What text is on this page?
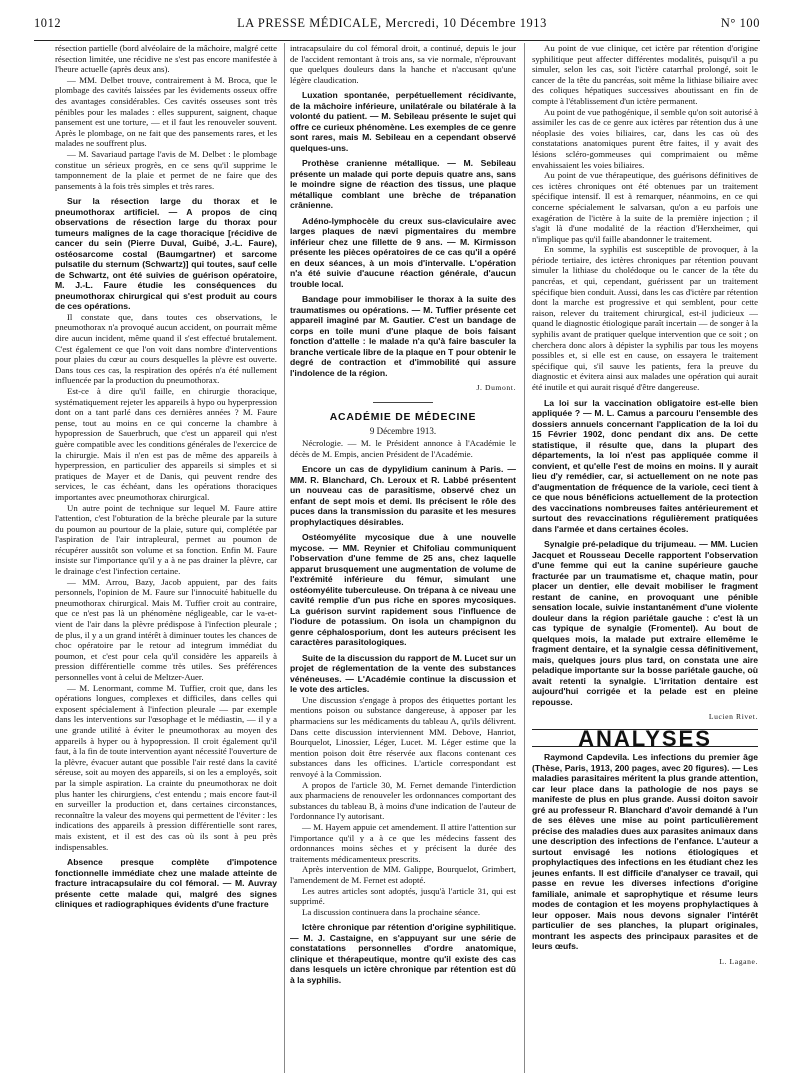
1012	LA PRESSE MÉDICALE, Mercredi, 10 Décembre 1913	N° 100

résection partielle (bord alvéolaire de la mâchoire, malgré cette résection limitée, une récidive ne s'est pas encore manifestée à l'heure actuelle (après deux ans).

— MM. Delbet trouve, contrairement à M. Broca, que le plombage des cavités laissées par les évidements osseux offre des avantages considérables. Ces cavités osseuses sont très pénibles pour les malades : elles suppurent, saignent, chaque pansement est une torture, — et il faut les renouveler souvent. Après le plombage, on ne fait que des pansements rares, et les malades ne souffrent plus.

— M. Savariaud partage l'avis de M. Delbet : le plombage constitue un sérieux progrès, en ce sens qu'il supprime le tamponnement de la plaie et permet de ne faire que des pansements à la fois très simples et très rares.

Sur la résection large du thorax et le pneumothorax artificiel. — A propos de cinq observations de résection large du thorax pour tumeurs malignes de la cage thoracique [récidive de cancer du sein (Pierre Duval, Guibé, J.-L. Faure), ostéosarcome costal (Baumgartner) et sarcome pulsatile du sternum (Schwartz)] qui toutes, sauf celle de Schwartz, ont été suivies de guérison opératoire, M. J.-L. Faure étudie les conséquences du pneumothorax chirurgical qui s'est produit au cours de ces opérations.

Il constate que, dans toutes ces observations, le pneumothorax n'a provoqué aucun accident, on pourrait même dire aucun incident, même quand il s'est effectué brutalement. C'est également ce que l'on voit dans nombre d'interventions pour plaies du cœur au cours desquelles la plèvre est ouverte. Dans tous ces cas, la respiration des opérés n'a été nullement influencée par la production du pneumothorax.

Est-ce à dire qu'il faille, en chirurgie thoracique, systématiquement rejeter les appareils à hypo ou hyperpression dont on a tant parlé dans ces dernières années ? M. Faure pense, tout au moins en ce qui concerne la chambre à hypopression de Sauerbruch, que c'est un appareil qui n'est guère compatible avec les conditions générales de l'exercice de la chirurgie. Mais il n'en est pas de même des appareils à hyperpression, en particulier des appareils si simples et si pratiques de Mayer et de Danis, qui peuvent rendre des services, le cas échéant, dans les opérations thoraciques importantes avec pneumothorax chirurgical.

Un autre point de technique sur lequel M. Faure attire l'attention, c'est l'obturation de la brèche pleurale par la suture du poumon au pourtour de la plaie, suture qui, complétée par l'aspiration de l'air intrapleural, permet au poumon de récupérer aussitôt son volume et sa fonction. Enfin M. Faure insiste sur l'importance qu'il y a à ne pas drainer la plèvre, car le drainage c'est l'infection certaine.

— MM. Arrou, Bazy, Jacob appuient, par des faits personnels, l'opinion de M. Faure sur l'innocuité habituelle du pneumothorax chirurgical. Mais M. Tuffier croit au contraire, que ce n'est pas là un phénomène négligeable, car le va-et-vient de l'air dans la plèvre prédispose à l'infection pleurale ; de plus, il y a un grand intérêt à diminuer toutes les chances de choc opératoire par le retour ad integrum immédiat du poumon, et c'est pour cela qu'il considère les appareils à pression différentielle comme très utiles. Ses préférences personnelles vont à celui de Meltzer-Auer.

— M. Lenormant, comme M. Tuffier, croit que, dans les opérations longues, complexes et difficiles, dans celles qui exposent spécialement à l'infection pleurale — par exemple dans les interventions sur l'œsophage et le médiastin, — il y a une grande utilité à éviter le pneumothorax au moyen des appareils à hyper ou à hypopression. Il croit également qu'il faut, à la fin de toute intervention ayant nécessité l'ouverture de la plèvre, évacuer autant que possible l'air resté dans la cavité séreuse, soit au moyen des appareils, si on les a employés, soit par la simple aspiration. La crainte du pneumothorax ne doit plus hanter les chirurgiens, c'est entendu ; mais encore faut-il en surveiller la production et, dans certaines circonstances, reconnaître la valeur des moyens qui permettent de l'éviter : les indications des appareils à pression différentielle sont rares, mais existent, et il est des cas où ils sont à peu près indispensables.

Absence presque complète d'impotence fonctionnelle immédiate chez une malade atteinte de fracture intracapsulaire du col fémoral. — M. Auvray présente cette malade qui, malgré des signes cliniques et radiographiques évidents d'une fracture

intracapsulaire du col fémoral droit, a continué, depuis le jour de l'accident remontant à trois ans, sa vie normale, n'éprouvant que quelques douleurs dans la hanche et n'accusant qu'une légère claudication.

Luxation spontanée, perpétuellement récidivante, de la mâchoire inférieure, unilatérale ou bilatérale à la volonté du patient. — M. Sebileau présente le sujet qui offre ce curieux phénomène. Les exemples de ce genre sont rares, mais M. Sebileau en a cependant observé quelques-uns.

Prothèse cranienne métallique. — M. Sebileau présente un malade qui porte depuis quatre ans, sans le moindre signe de réaction des tissus, une plaque métallique comblant une brèche de trépanation crânienne.

Adéno-lymphocèle du creux sus-claviculaire avec larges plaques de nævi pigmentaires du membre inférieur chez une fillette de 9 ans. — M. Kirmisson présente les pièces opératoires de ce cas qu'il a opéré en deux séances, à un mois d'intervalle. L'opération n'a été suivie d'aucune réaction générale, d'aucun trouble local.

Bandage pour immobiliser le thorax à la suite des traumatismes ou opérations. — M. Tuffier présente cet appareil imaginé par M. Gautier. C'est un bandage de corps en toile muni d'une plaque de bois faisant fonction d'attelle : le malade n'a qu'à faire basculer la branche verticale libre de la plaque en T pour obtenir le degré de contraction et d'immobilité qui assure l'indolence de la région.

J. Dumont.

ACADÉMIE DE MÉDECINE
9 Décembre 1913.

Nécrologie. — M. le Président annonce à l'Académie le décès de M. Empis, ancien Président de l'Académie.

Encore un cas de dypylidium caninum à Paris. — MM. R. Blanchard, Ch. Leroux et R. Labbé présentent un nouveau cas de parasitisme, observé chez un enfant de sept mois et demi. Ils précisent le rôle des puces dans la transmission du parasite et les mesures prophylactiques désirables.

Ostéomyélite mycosique due à une nouvelle mycose. — MM. Reynier et Chifoliau communiquent l'observation d'une femme de 25 ans, chez laquelle apparut brusquement une augmentation de volume de l'extrémité inférieure du fémur, simulant une ostéomyélite tuberculeuse. On trépana à ce niveau une cavité remplie d'un pus riche en spores mycosiques. La guérison survint rapidement sous l'influence de l'iodure de potassium. On isola un champignon du genre céphalosporium, dont les auteurs précisent les caractères parasitologiques.

Suite de la discussion du rapport de M. Lucet sur un projet de réglementation de la vente des substances vénéneuses. — L'Académie continue la discussion et le vote des articles.

Une discussion s'engage à propos des étiquettes portant les mentions poison ou substance dangereuse, à apposer par les pharmaciens sur les médicaments du tableau A, qu'ils délivrent. Dans cette discussion interviennent MM. Debove, Hanriot, Bourquelot, Linossier, Léger, Lucet. M. Léger estime que la mention poison doit être réservée aux flacons contenant ces substances dans les officines. L'article correspondant est renvoyé à la Commission.

A propos de l'article 30, M. Fernet demande l'interdiction aux pharmaciens de renouveler les ordonnances comportant des substances du tableau B, à moins d'une indication de l'auteur de l'ordonnance l'y autorisant.

— M. Hayem appuie cet amendement. Il attire l'attention sur l'importance qu'il y a à ce que les médecins fassent des ordonnances moins sèches et y précisent la durée des traitements médicamenteux prescrits.

Après intervention de MM. Galippe, Bourquelot, Grimbert, l'amendement de M. Fernet est adopté.

Les autres articles sont adoptés, jusqu'à l'article 31, qui est supprimé.

La discussion continuera dans la prochaine séance.

Ictère chronique par rétention d'origine syphilitique. — M. J. Castaigne, en s'appuyant sur une série de constatations personnelles d'ordre anatomique, clinique et thérapeutique, montre qu'il existe des cas dans lesquels un ictère chronique par rétention est dû à la syphilis.

Au point de vue clinique, cet ictère par rétention d'origine syphilitique peut affecter différentes modalités, puisqu'il a pu simuler, selon les cas, soit l'ictère catarrhal prolongé, soit le cancer de la tête du pancréas, soit même la lithiase biliaire avec des coliques hépatiques successives aboutissant en fin de compte à l'établissement d'un ictère permanent.

Au point de vue pathogénique, il semble qu'on soit autorisé à assimiler les cas de ce genre aux ictères par rétention dus à une néoplasie des voies biliaires, car, dans les cas où des constatations anatomiques purent être faites, il y avait des lésions scléro-gommeuses qui comprimaient ou même envahissaient les voies biliaires.

Au point de vue thérapeutique, des guérisons définitives de ces ictères chroniques ont été obtenues par un traitement spécifique intensif. Il est à remarquer, néanmoins, en ce qui concerne spécialement le salvarsan, qu'on a eu parfois une exagération de l'ictère à la suite de la première injection ; il s'agit là d'une modalité de la réaction d'Herxheimer, qui n'implique pas qu'il faille abandonner le traitement.

En somme, la syphilis est susceptible de provoquer, à la période tertiaire, des ictères chroniques par rétention pouvant simuler la lithiase du cholédoque ou le cancer de la tête du pancréas, et qui, cependant, guérissent par un traitement spécifique bien conduit. Aussi, dans les cas d'ictère par rétention dont la marche est progressive et qui semblent, pour cette raison, relever du traitement chirurgical, est-il judicieux — quand le diagnostic étiologique paraît incertain — de songer à la syphilis avant de pratiquer quelque intervention que ce soit ; on cherchera donc alors à dépister la syphilis par tous les moyens possibles et, si elle est en cause, on essayera le traitement spécifique qui, s'il sauve les patients, fera la preuve du diagnostic et évitera ainsi aux malades une opération qui aurait été inutile et qui aurait risqué d'être dangereuse.

La loi sur la vaccination obligatoire est-elle bien appliquée ? — M. L. Camus a parcouru l'ensemble des dossiers annuels concernant l'application de la loi du 15 Février 1902, donc pendant dix ans. De cette statistique, il résulte que, dans la plupart des départements, la loi n'est pas appliquée comme il convient, et qu'elle l'est de moins en moins. Il y aurait lieu d'y remédier, car, si actuellement on ne note pas d'augmentation de fréquence de la variole, ceci tient à ce que nous bénéficions actuellement de la protection des vaccinations nombreuses faites antérieurement et surtout des revaccinations régulièrement pratiquées dans l'armée et dans certaines écoles.

Synalgie pré-peladique du trijumeau. — MM. Lucien Jacquet et Rousseau Decelle rapportent l'observation d'une femme qui eut la canine supérieure gauche fracturée par un traumatisme et, chaque matin, pour placer un dentier, elle devait mobiliser le fragment restant de canine, en provoquant une pénible sensation locale, suivie instantanément d'une violente douleur dans la région pariétale gauche : c'est là un cas typique de synalgie (Fromentel). Au bout de quelques mois, la malade put extraire ellemême le fragment dentaire, et la synalgie cessa définitivement, mais, quelques jours plus tard, on constata une aire peladique importante sur la bosse pariétale gauche, où avait retenti la synalgie. L'irritation dentaire est aujourd'hui corrigée et la pelade est en pleine repousse.

Lucien Rivet.

ANALYSES

Raymond Capdevila. Les infections du premier âge (Thèse, Paris, 1913, 200 pages, avec 20 figures). — Les maladies parasitaires méritent la plus grande attention, car leur place dans la pathologie de nos pays se manifeste de plus en plus grande. Aussi doiton savoir gré au professeur R. Blanchard d'avoir demandé à l'un de ses élèves une mise au point particulièrement précise des maladies dues aux parasites animaux dans une description des infections de l'enfance. L'auteur a surtout envisagé les notions étiologiques et prophylactiques des infections en les étudiant chez les jeunes enfants. Il est difficile d'analyser ce travail, qui passe en revue les diverses infections d'origine familiale, animale et saprophytique et résume leurs modes de contagion et les moyens prophylactiques à leur opposer. Mais nous devons signaler l'intérêt particulier de ses planches, la plupart originales, montrant les aspects des principaux parasites et de leurs œufs.

L. Lagane.
